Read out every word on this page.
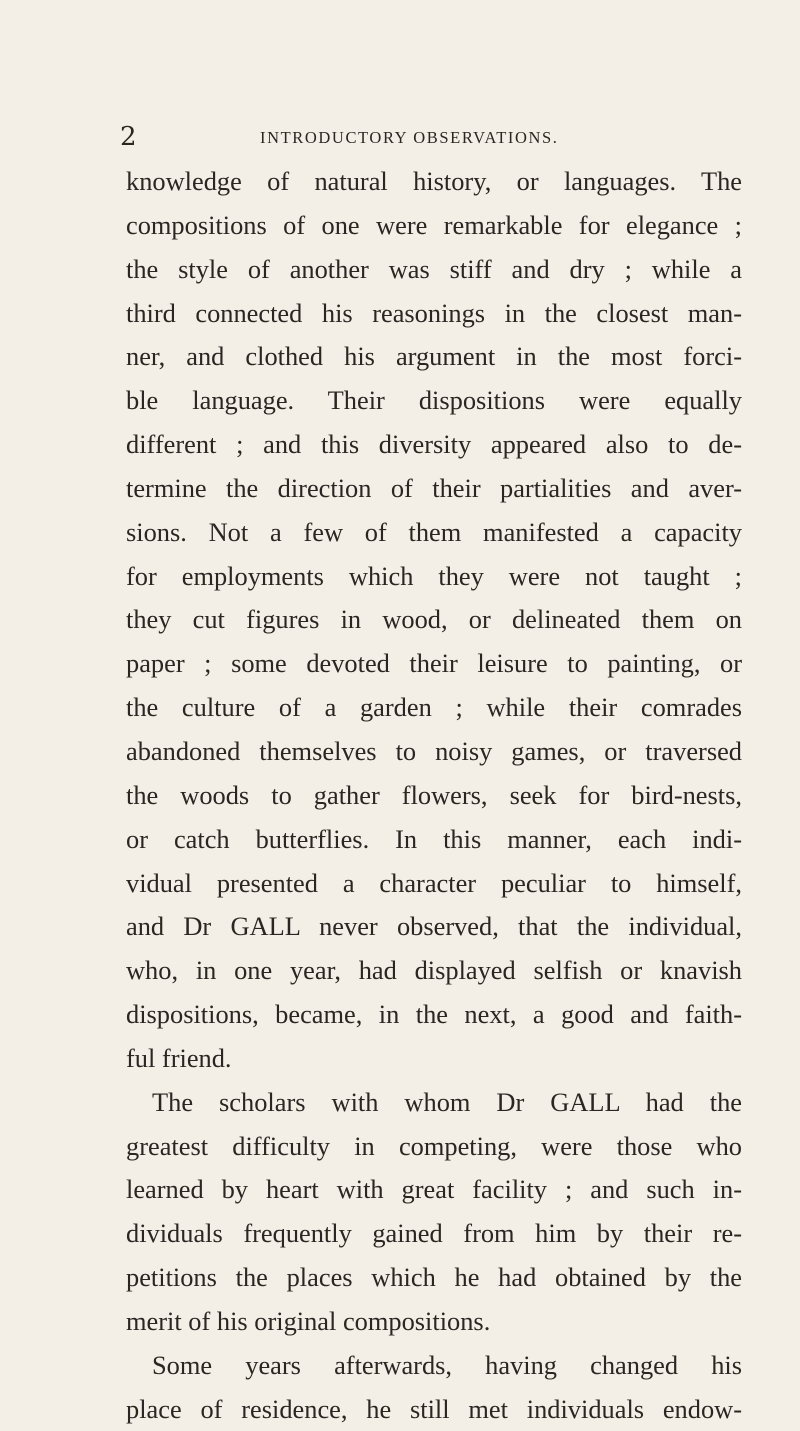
2	INTRODUCTORY OBSERVATIONS.
knowledge of natural history, or languages. The
compositions of one were remarkable for elegance ;
the style of another was stiff and dry ; while a
third connected his reasonings in the closest man-
ner, and clothed his argument in the most forci-
ble language. Their dispositions were equally
different ; and this diversity appeared also to de-
termine the direction of their partialities and aver-
sions. Not a few of them manifested a capacity
for employments which they were not taught ;
they cut figures in wood, or delineated them on
paper ; some devoted their leisure to painting, or
the culture of a garden ; while their comrades
abandoned themselves to noisy games, or traversed
the woods to gather flowers, seek for bird-nests,
or catch butterflies. In this manner, each indi-
vidual presented a character peculiar to himself,
and Dr GALL never observed, that the individual,
who, in one year, had displayed selfish or knavish
dispositions, became, in the next, a good and faith-
ful friend.
The scholars with whom Dr GALL had the
greatest difficulty in competing, were those who
learned by heart with great facility ; and such in-
dividuals frequently gained from him by their re-
petitions the places which he had obtained by the
merit of his original compositions.
Some years afterwards, having changed his
place of residence, he still met individuals endow-
